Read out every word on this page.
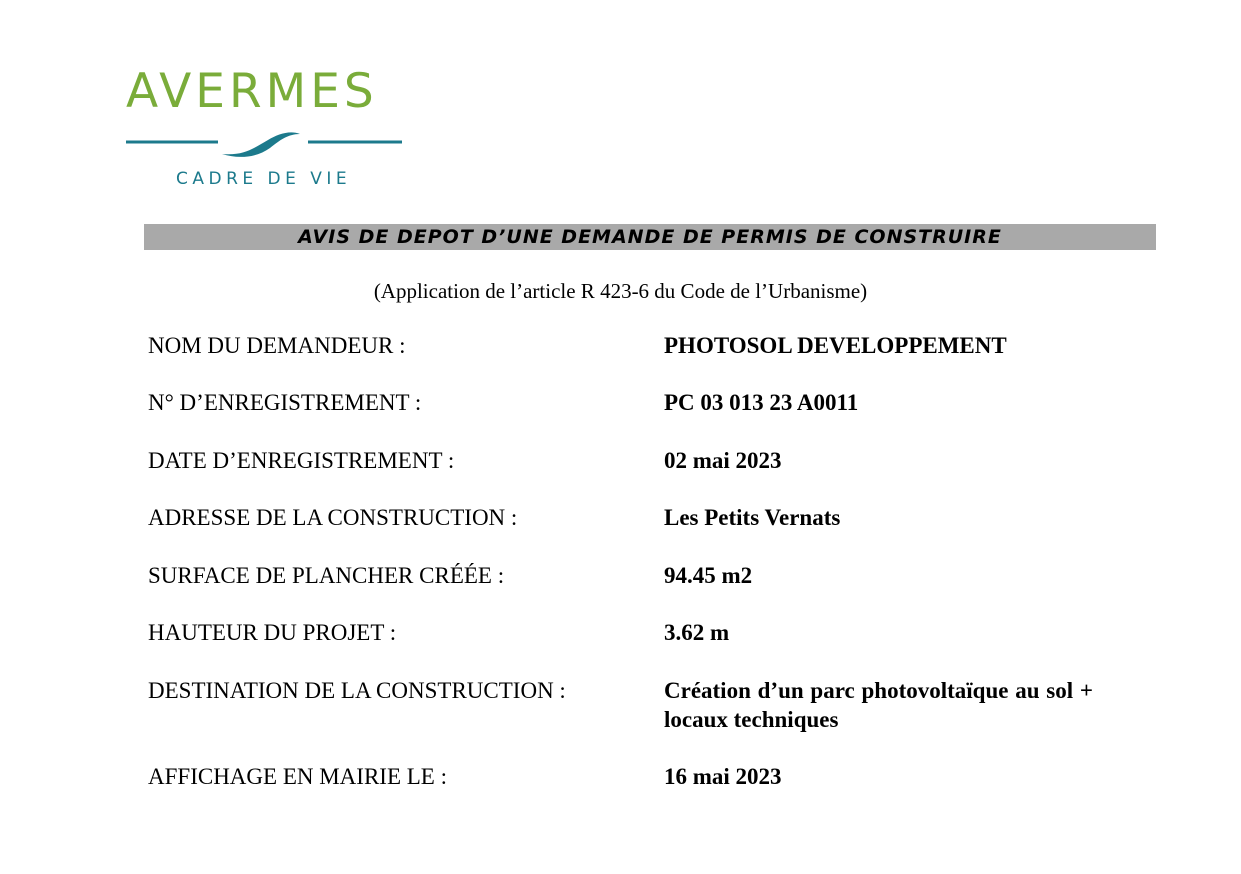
AVERMES
CADRE DE VIE
AVIS DE DEPOT D’UNE DEMANDE DE PERMIS DE CONSTRUIRE
(Application de l’article R 423-6 du Code de l’Urbanisme)
NOM DU DEMANDEUR :	PHOTOSOL DEVELOPPEMENT
N° D’ENREGISTREMENT :	PC 03 013 23 A0011
DATE D’ENREGISTREMENT :	02 mai 2023
ADRESSE DE LA CONSTRUCTION :	Les Petits Vernats
SURFACE DE PLANCHER CRÉÉE :	94.45 m2
HAUTEUR DU PROJET :	3.62 m
DESTINATION DE LA CONSTRUCTION :	Création d’un parc photovoltaïque au sol + locaux techniques
AFFICHAGE EN MAIRIE LE :	16 mai 2023
